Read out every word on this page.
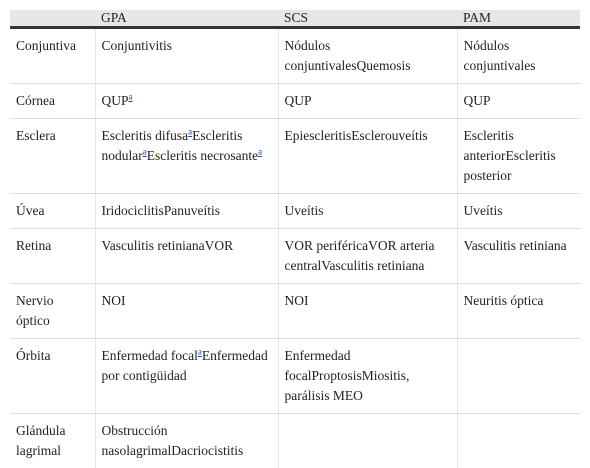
	GPA	SCS	PAM
Conjuntiva	Conjuntivitis	Nódulos conjuntivalesQuemosis	Nódulos conjuntivales
Córnea	QUP$^a$	QUP	QUP
Esclera	Escleritis difusa$^a$Escleritis nodular$^a$Escleritis necrosante$^a$	EpiescleritisEsclerouveítis	Escleritis anteriorEscleritis posterior
Úvea	IridociclitisPanuveítis	Uveítis	Uveítis
Retina	Vasculitis retinianaVOR	VOR periféricaVOR arteria centralVasculitis retiniana	Vasculitis retiniana
Nervio óptico	NOI	NOI	Neuritis óptica
Órbita	Enfermedad focal$^a$Enfermedad por contigüidad	Enfermedad focalProptosisMiositis, parálisis MEO	
Glándula lagrimal	Obstrucción nasolagrimalDacriocistitis		
